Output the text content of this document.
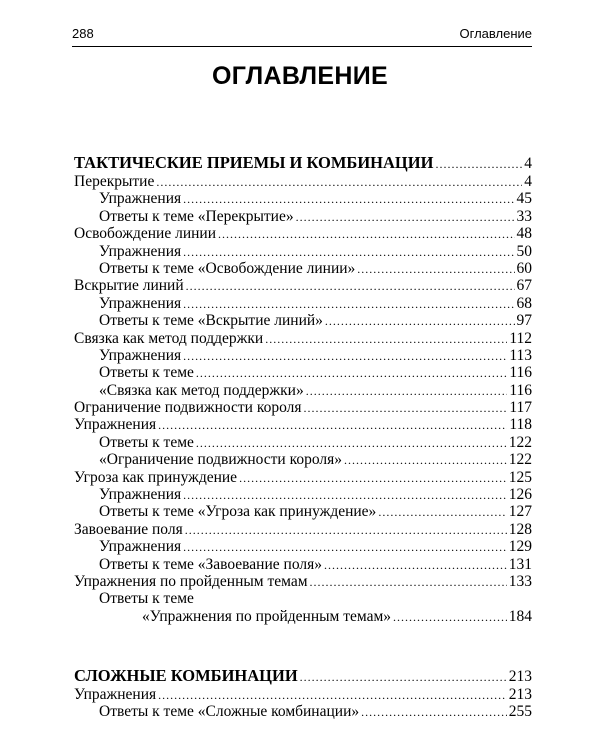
288	Оглавление
ОГЛАВЛЕНИЕ
ТАКТИЧЕСКИЕ ПРИЕМЫ И КОМБИНАЦИИ .....	4
Перекрытие .....	4
Упражнения .....	45
Ответы к теме «Перекрытие» .....	33
Освобождение линии .....	48
Упражнения .....	50
Ответы к теме «Освобождение линии» .....	60
Вскрытие линий .....	67
Упражнения .....	68
Ответы к теме «Вскрытие линий» .....	97
Связка как метод поддержки .....	112
Упражнения .....	113
Ответы к теме .....	116
«Связка как метод поддержки» .....	116
Ограничение подвижности короля .....	117
Упражнения .....	118
Ответы к теме .....	122
«Ограничение подвижности короля» .....	122
Угроза как принуждение .....	125
Упражнения .....	126
Ответы к теме «Угроза как принуждение» .....	127
Завоевание поля .....	128
Упражнения .....	129
Ответы к теме «Завоевание поля» .....	131
Упражнения по пройденным темам .....	133
Ответы к теме
«Упражнения по пройденным темам» .....	184
СЛОЖНЫЕ КОМБИНАЦИИ .....	213
Упражнения .....	213
Ответы к теме «Сложные комбинации» .....	255
